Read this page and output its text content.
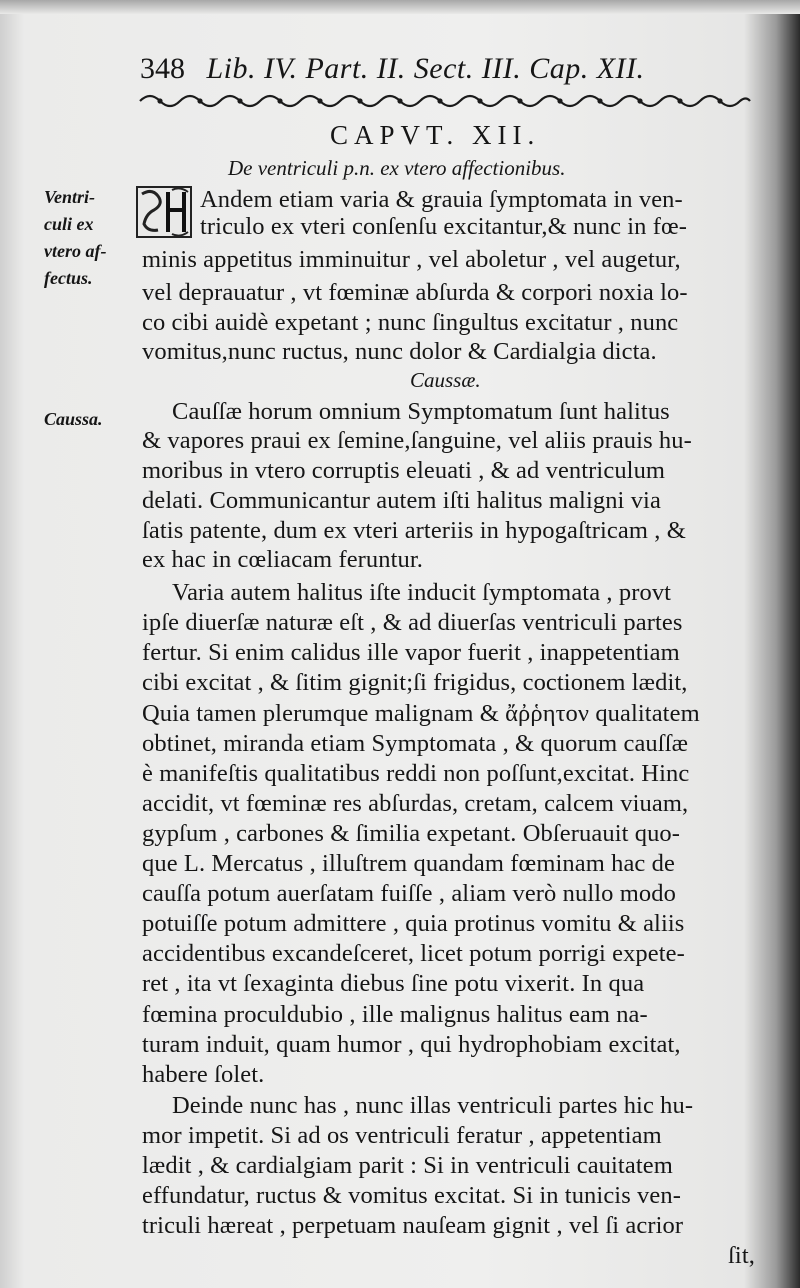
348 Lib. IV. Part. II. Sect. III. Cap. XII.
CAPVT. XII.
De ventriculi p.n. ex vtero affectionibus.
Ventri-
culi ex
vtero af-
fectus.
Caussa.
Andem etiam varia & grauia ſymptomata in ven-
triculo ex vteri conſenſu excitantur,& nunc in fœ-
minis appetitus imminuitur , vel aboletur , vel augetur,
vel deprauatur , vt fœminæ abſurda & corpori noxia lo-
co cibi auidè expetant ; nunc ſingultus excitatur , nunc
vomitus,nunc ructus, nunc dolor & Cardialgia dicta.
Caussæ.
Cauſſæ horum omnium Symptomatum ſunt halitus
& vapores praui ex ſemine,ſanguine, vel aliis prauis hu-
moribus in vtero corruptis eleuati , & ad ventriculum
delati. Communicantur autem iſti halitus maligni via
ſatis patente, dum ex vteri arteriis in hypogaſtricam , &
ex hac in cœliacam feruntur.
Varia autem halitus iſte inducit ſymptomata , provt
ipſe diuerſæ naturæ eſt , & ad diuerſas ventriculi partes
fertur. Si enim calidus ille vapor fuerit , inappetentiam
cibi excitat , & ſitim gignit;ſi frigidus, coctionem lædit,
Quia tamen plerumque malignam & ἄῤῥητον qualitatem
obtinet, miranda etiam Symptomata , & quorum cauſſæ
è manifeſtis qualitatibus reddi non poſſunt,excitat. Hinc
accidit, vt fœminæ res abſurdas, cretam, calcem viuam,
gypſum , carbones & ſimilia expetant. Obſeruauit quo-
que L. Mercatus , illuſtrem quandam fœminam hac de
cauſſa potum auerſatam fuiſſe , aliam verò nullo modo
potuiſſe potum admittere , quia protinus vomitu & aliis
accidentibus excandeſceret, licet potum porrigi expete-
ret , ita vt ſexaginta diebus ſine potu vixerit. In qua
fœmina proculdubio , ille malignus halitus eam na-
turam induit, quam humor , qui hydrophobiam excitat,
habere ſolet.
Deinde nunc has , nunc illas ventriculi partes hic hu-
mor impetit. Si ad os ventriculi feratur , appetentiam
lædit , & cardialgiam parit : Si in ventriculi cauitatem
effundatur, ructus & vomitus excitat. Si in tunicis ven-
triculi hæreat , perpetuam nauſeam gignit , vel ſi acrior
ſit,
